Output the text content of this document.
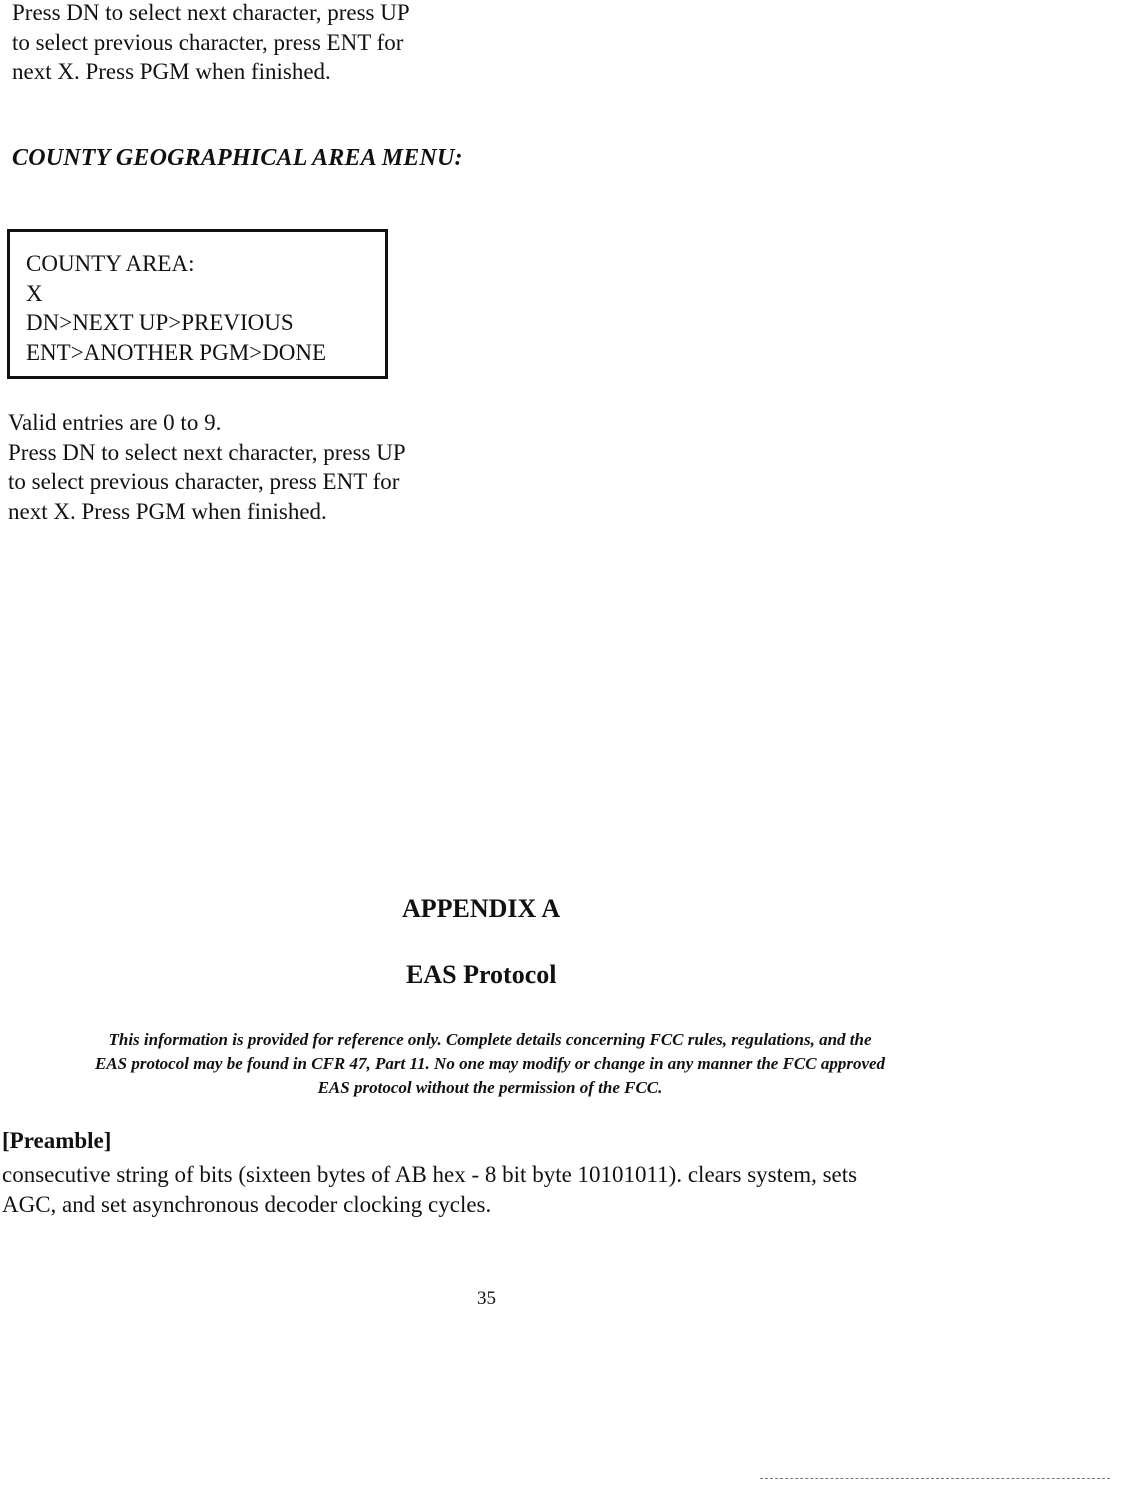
Press DN to select next character, press UP
to select previous character, press ENT for
next X. Press PGM when finished.
COUNTY GEOGRAPHICAL AREA MENU:
COUNTY AREA:
X
DN>NEXT UP>PREVIOUS
ENT>ANOTHER PGM>DONE
Valid entries are 0 to 9.
Press DN to select next character, press UP
to select previous character, press ENT for
next X. Press PGM when finished.
APPENDIX A
EAS Protocol
This information is provided for reference only. Complete details concerning FCC rules, regulations, and the
EAS protocol may be found in CFR 47, Part 11. No one may modify or change in any manner the FCC approved
EAS protocol without the permission of the FCC.
[Preamble]
consecutive string of bits (sixteen bytes of AB hex - 8 bit byte 10101011). clears system, sets
AGC, and set asynchronous decoder clocking cycles.
35
